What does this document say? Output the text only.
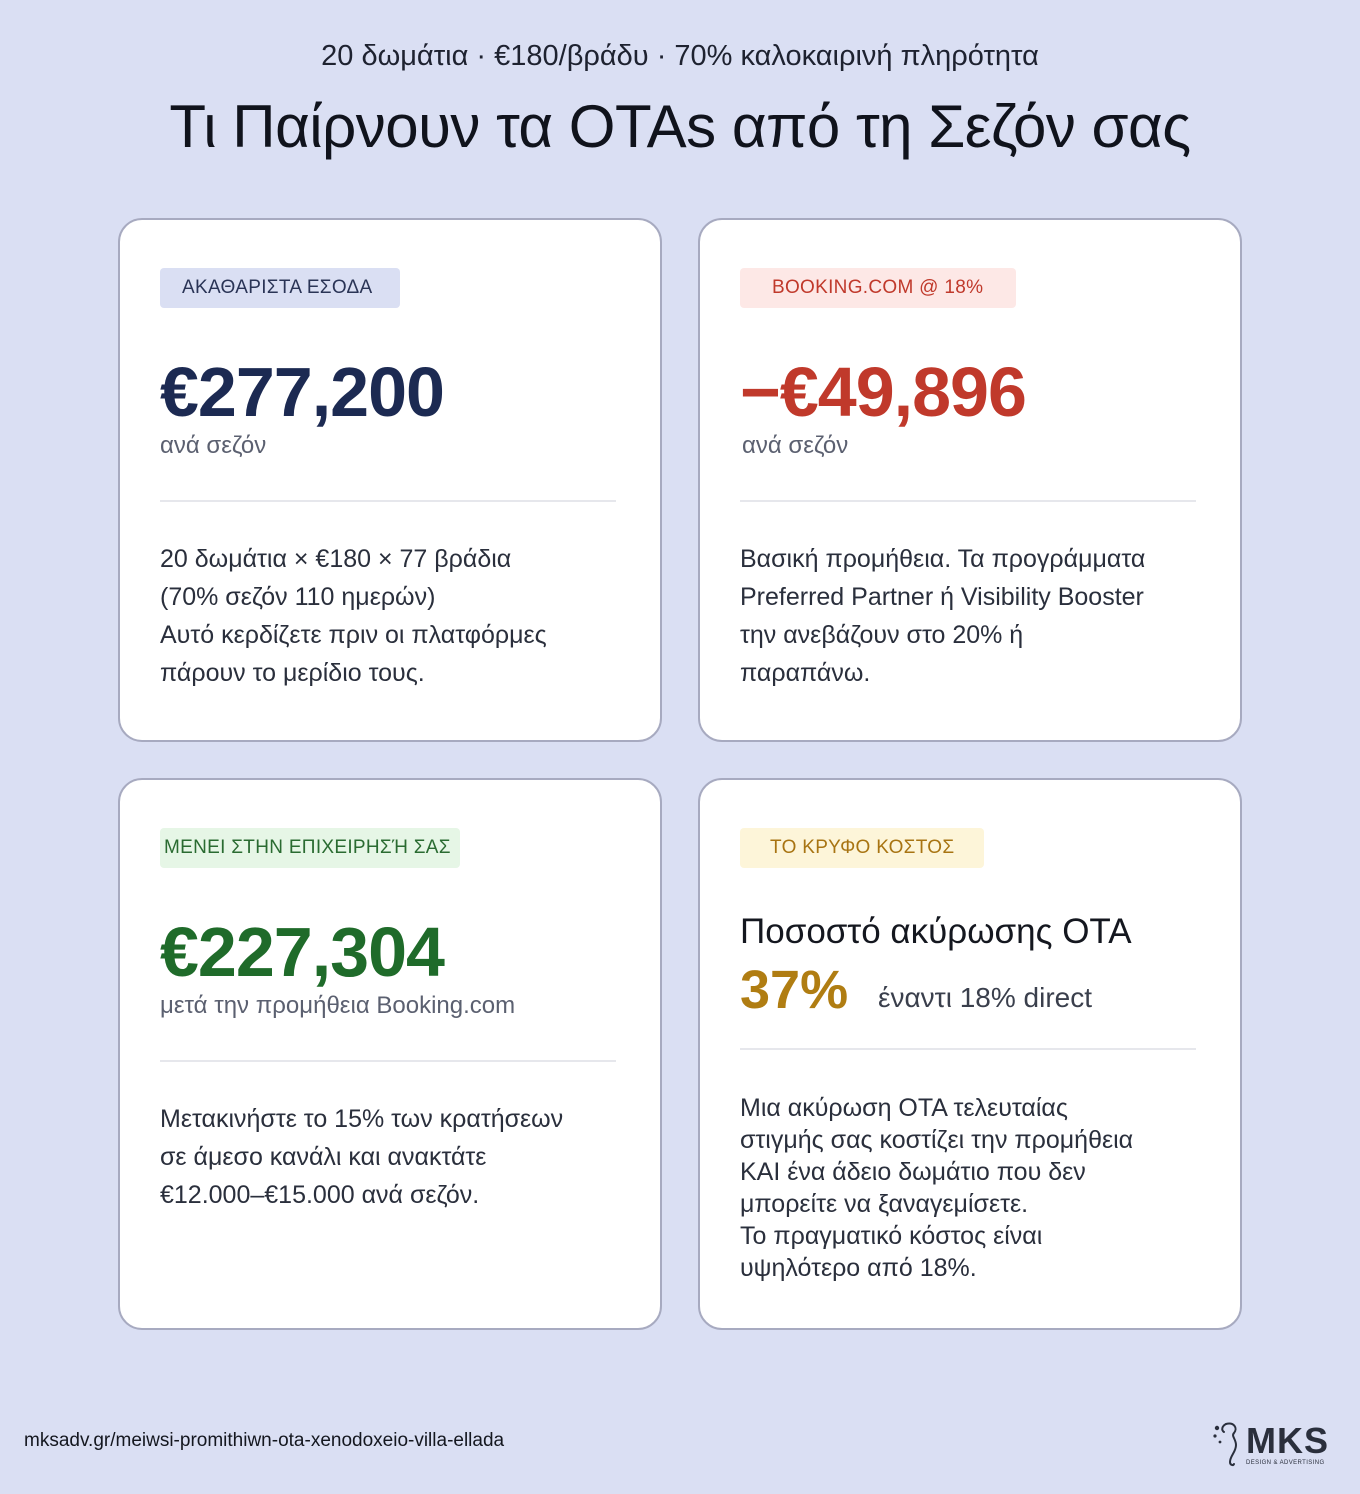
20 δωμάτια · €180/βράδυ · 70% καλοκαιρινή πληρότητα
Τι Παίρνουν τα OTAs από τη Σεζόν σας
ΑΚΑΘΑΡΙΣΤΑ ΕΣΟΔΑ
€277,200
ανά σεζόν
20 δωμάτια × €180 × 77 βράδια
(70% σεζόν 110 ημερών)
Αυτό κερδίζετε πριν οι πλατφόρμες
πάρουν το μερίδιο τους.
BOOKING.COM @ 18%
−€49,896
ανά σεζόν
Βασική προμήθεια. Τα προγράμματα
Preferred Partner ή Visibility Booster
την ανεβάζουν στο 20% ή
παραπάνω.
ΜΕΝΕΙ ΣΤΗΝ ΕΠΙΧΕΙΡΗΣΉ ΣΑΣ
€227,304
μετά την προμήθεια Booking.com
Μετακινήστε το 15% των κρατήσεων
σε άμεσο κανάλι και ανακτάτε
€12.000–€15.000 ανά σεζόν.
ΤΟ ΚΡΥΦΟ ΚΟΣΤΟΣ
Ποσοστό ακύρωσης OTA
37% έναντι 18% direct
Μια ακύρωση OTA τελευταίας
στιγμής σας κοστίζει την προμήθεια
ΚΑΙ ένα άδειο δωμάτιο που δεν
μπορείτε να ξαναγεμίσετε.
Το πραγματικό κόστος είναι
υψηλότερο από 18%.
mksadv.gr/meiwsi-promithiwn-ota-xenodoxeio-villa-ellada	MKS
DESIGN & ADVERTISING
